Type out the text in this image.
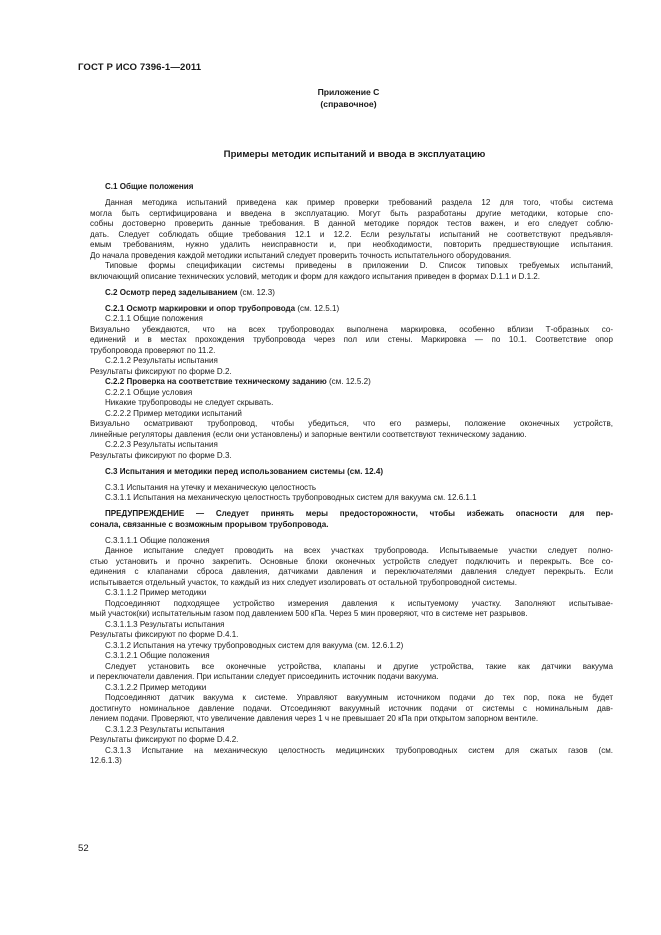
ГОСТ Р ИСО 7396-1—2011
Приложение С
(справочное)
Примеры методик испытаний и ввода в эксплуатацию

С.1 Общие положения

Данная методика испытаний приведена как пример проверки требований раздела 12 для того, чтобы система

могла быть сертифицирована и введена в эксплуатацию. Могут быть разработаны другие методики, которые спо-

собны достоверно проверить данные требования. В данной методике порядок тестов важен, и его следует соблю-

дать. Следует соблюдать общие требования 12.1 и 12.2. Если результаты испытаний не соответствуют предъявля-

емым требованиям, нужно удалить неисправности и, при необходимости, повторить предшествующие испытания.

До начала проведения каждой методики испытаний следует проверить точность испытательного оборудования.

Типовые формы спецификации системы приведены в приложении D. Список типовых требуемых испытаний,

включающий описание технических условий, методик и форм для каждого испытания приведен в формах D.1.1 и D.1.2.

С.2 Осмотр перед заделыванием (см. 12.3)

С.2.1 Осмотр маркировки и опор трубопровода (см. 12.5.1)

С.2.1.1 Общие положения

Визуально убеждаются, что на всех трубопроводах выполнена маркировка, особенно вблизи Т-образных со-

единений и в местах прохождения трубопровода через пол или стены. Маркировка — по 10.1. Соответствие опор

трубопровода проверяют по 11.2.

С.2.1.2 Результаты испытания

Результаты фиксируют по форме D.2.

С.2.2 Проверка на соответствие техническому заданию (см. 12.5.2)

С.2.2.1 Общие условия

Никакие трубопроводы не следует скрывать.

С.2.2.2 Пример методики испытаний

Визуально осматривают трубопровод, чтобы убедиться, что его размеры, положение оконечных устройств,

линейные регуляторы давления (если они установлены) и запорные вентили соответствуют техническому заданию.

С.2.2.3 Результаты испытания

Результаты фиксируют по форме D.3.

С.3 Испытания и методики перед использованием системы (см. 12.4)

С.3.1 Испытания на утечку и механическую целостность

С.3.1.1 Испытания на механическую целостность трубопроводных систем для вакуума см. 12.6.1.1

ПРЕДУПРЕЖДЕНИЕ — Следует принять меры предосторожности, чтобы избежать опасности для пер-

сонала, связанные с возможным прорывом трубопровода.

С.3.1.1.1 Общие положения

Данное испытание следует проводить на всех участках трубопровода. Испытываемые участки следует полно-

стью установить и прочно закрепить. Основные блоки оконечных устройств следует подключить и перекрыть. Все со-

единения с клапанами сброса давления, датчиками давления и переключателями давления следует перекрыть. Если

испытывается отдельный участок, то каждый из них следует изолировать от остальной трубопроводной системы.

С.3.1.1.2 Пример методики

Подсоединяют подходящее устройство измерения давления к испытуемому участку. Заполняют испытывае-

мый участок(ки) испытательным газом под давлением 500 кПа. Через 5 мин проверяют, что в системе нет разрывов.

С.3.1.1.3 Результаты испытания

Результаты фиксируют по форме D.4.1.

С.3.1.2 Испытания на утечку трубопроводных систем для вакуума (см. 12.6.1.2)

С.3.1.2.1 Общие положения

Следует установить все оконечные устройства, клапаны и другие устройства, такие как датчики вакуума

и переключатели давления. При испытании следует присоединить источник подачи вакуума.

С.3.1.2.2 Пример методики

Подсоединяют датчик вакуума к системе. Управляют вакуумным источником подачи до тех пор, пока не будет

достигнуто номинальное давление подачи. Отсоединяют вакуумный источник подачи от системы с номинальным дав-

лением подачи. Проверяют, что увеличение давления через 1 ч не превышает 20 кПа при открытом запорном вентиле.

С.3.1.2.3 Результаты испытания

Результаты фиксируют по форме D.4.2.

С.3.1.3 Испытание на механическую целостность медицинских трубопроводных систем для сжатых газов (см.

12.6.1.3)

52
